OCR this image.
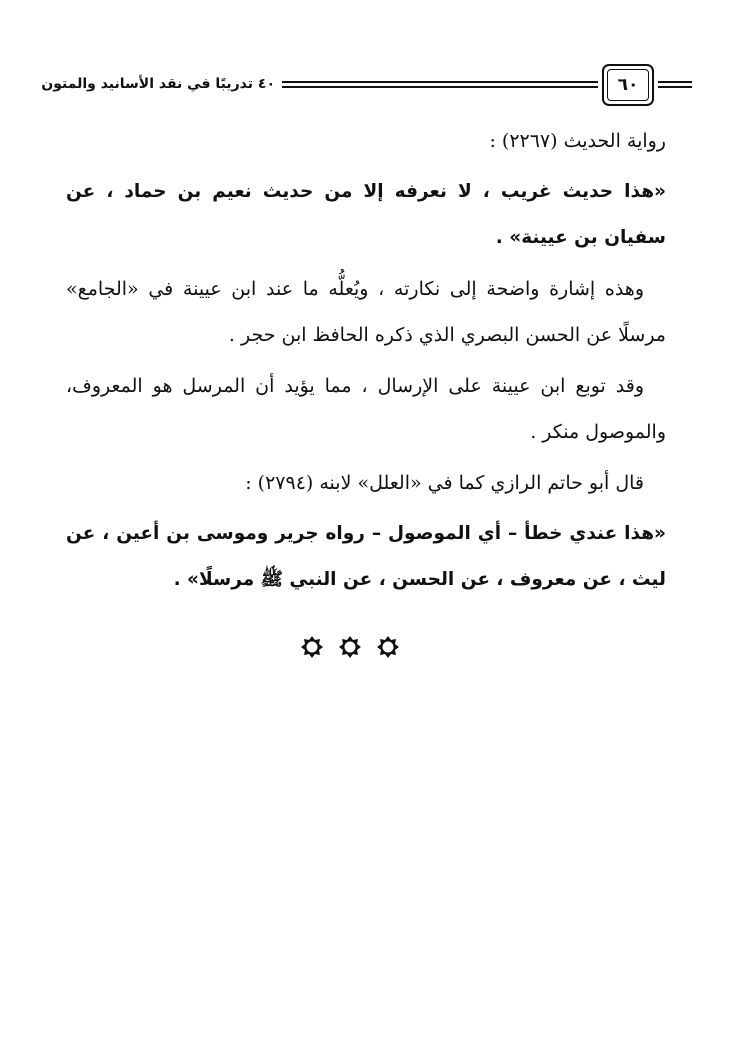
٤٠ تدريبًا في نقد الأسانيد والمتون	٦٠

رواية الحديث (٢٢٦٧) :

«هذا حديث غريب ، لا نعرفه إلا من حديث نعيم بن حماد ، عن سفيان بن عيينة» .

وهذه إشارة واضحة إلى نكارته ، ويُعلُّه ما عند ابن عيينة في «الجامع» مرسلًا عن الحسن البصري الذي ذكره الحافظ ابن حجر .

وقد توبع ابن عيينة على الإرسال ، مما يؤيد أن المرسل هو المعروف، والموصول منكر .

قال أبو حاتم الرازي كما في «العلل» لابنه (٢٧٩٤) :

«هذا عندي خطأ – أي الموصول – رواه جرير وموسى بن أعين ، عن ليث ، عن معروف ، عن الحسن ، عن النبي ﷺ مرسلًا» .
